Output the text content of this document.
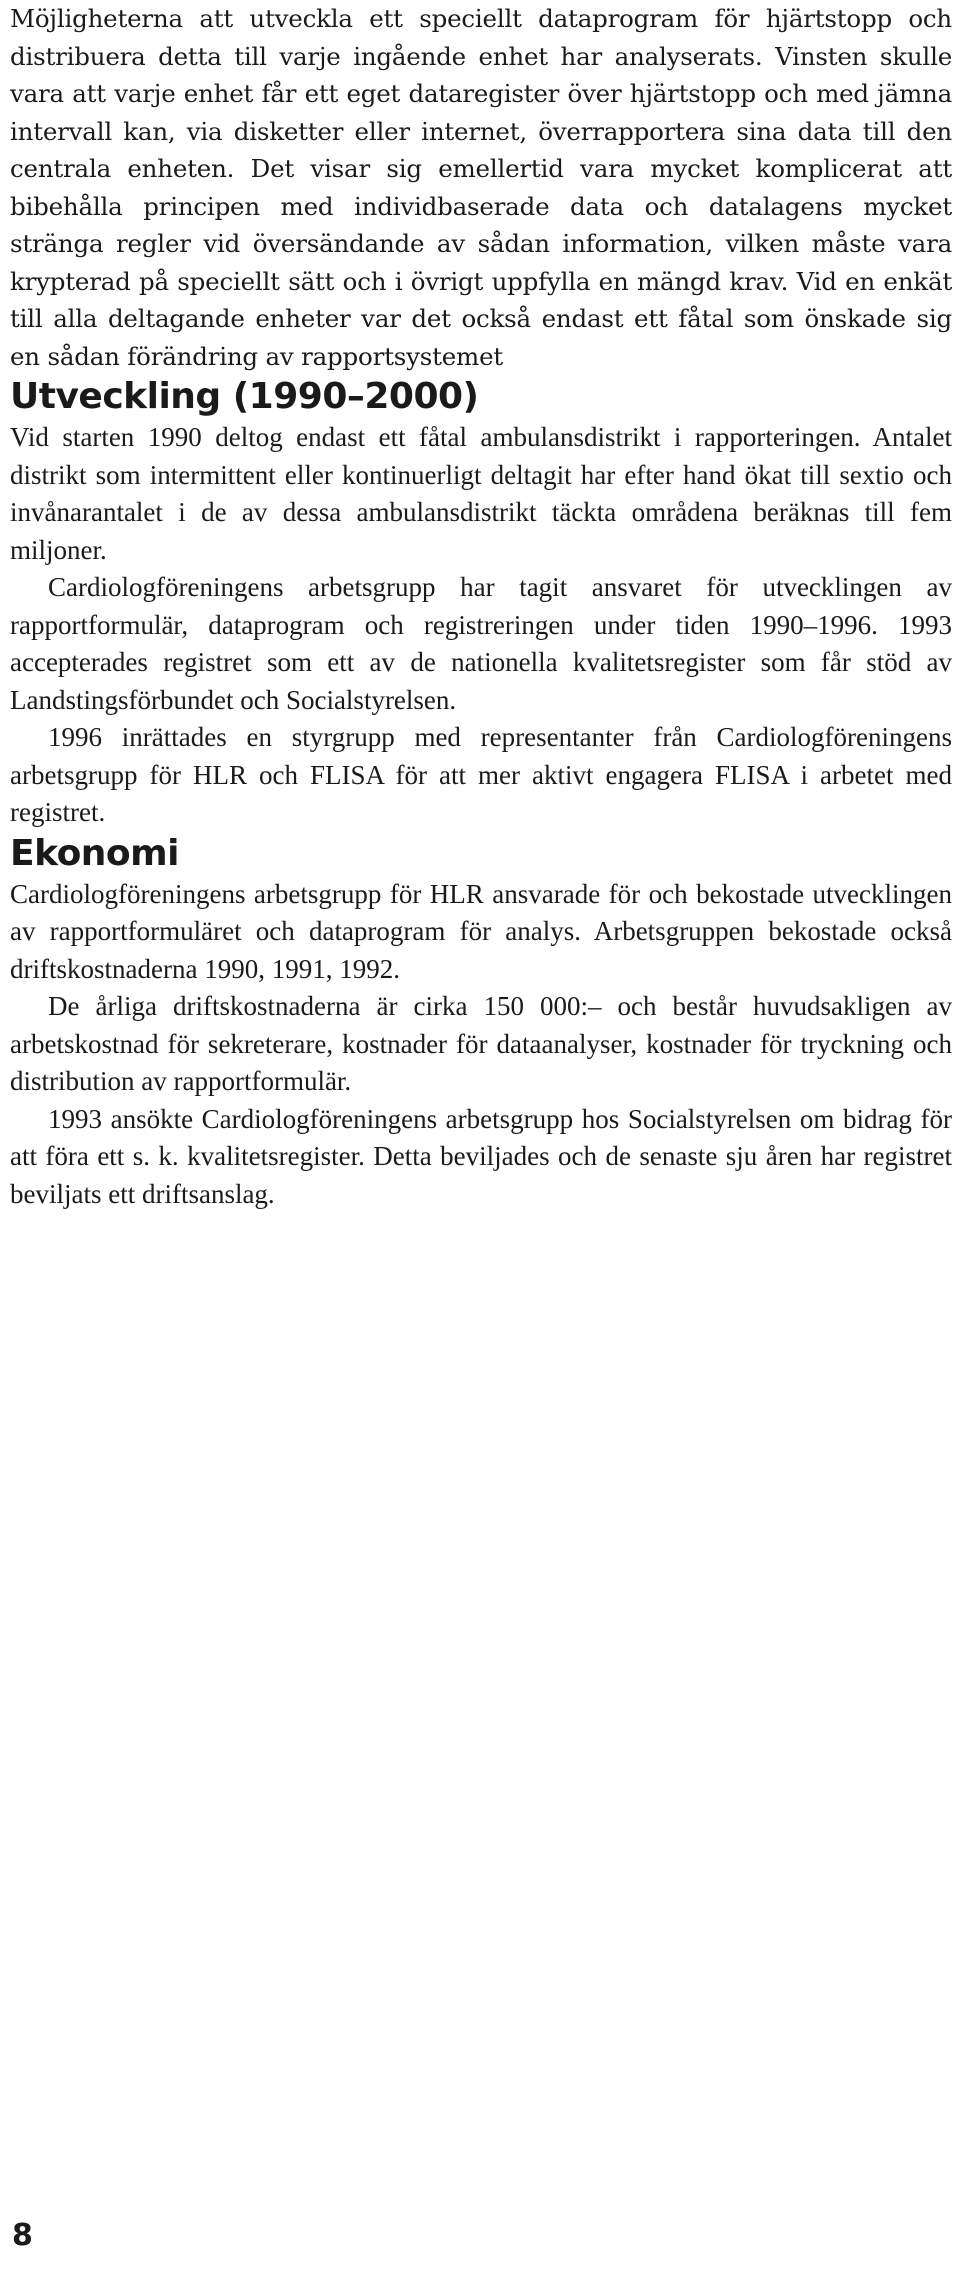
Möjligheterna att utveckla ett speciellt dataprogram för hjärtstopp och distribuera detta till varje ingående enhet har analyserats. Vinsten skulle vara att varje enhet får ett eget dataregister över hjärtstopp och med jämna intervall kan, via disketter eller internet, överrapportera sina data till den centrala enheten. Det visar sig emellertid vara mycket komplicerat att bibehålla principen med individbaserade data och datalagens mycket stränga regler vid översändande av sådan information, vilken måste vara krypterad på speciellt sätt och i övrigt uppfylla en mängd krav. Vid en enkät till alla deltagande enheter var det också endast ett fåtal som önskade sig en sådan förändring av rapportsystemet

Utveckling (1990–2000)

Vid starten 1990 deltog endast ett fåtal ambulansdistrikt i rapporteringen. Antalet distrikt som intermittent eller kontinuerligt deltagit har efter hand ökat till sextio och invånarantalet i de av dessa ambulansdistrikt täckta områdena beräknas till fem miljoner.

Cardiologföreningens arbetsgrupp har tagit ansvaret för utvecklingen av rapportformulär, dataprogram och registreringen under tiden 1990–1996. 1993 accepterades registret som ett av de nationella kvalitetsregister som får stöd av Landstingsförbundet och Socialstyrelsen.

1996 inrättades en styrgrupp med representanter från Cardiologföreningens arbetsgrupp för HLR och FLISA för att mer aktivt engagera FLISA i arbetet med registret.

Ekonomi

Cardiologföreningens arbetsgrupp för HLR ansvarade för och bekostade utvecklingen av rapportformuläret och dataprogram för analys. Arbetsgruppen bekostade också driftskostnaderna 1990, 1991, 1992.

De årliga driftskostnaderna är cirka 150 000:– och består huvudsakligen av arbetskostnad för sekreterare, kostnader för dataanalyser, kostnader för tryckning och distribution av rapportformulär.

1993 ansökte Cardiologföreningens arbetsgrupp hos Socialstyrelsen om bidrag för att föra ett s. k. kvalitetsregister. Detta beviljades och de senaste sju åren har registret beviljats ett driftsanslag.

8
